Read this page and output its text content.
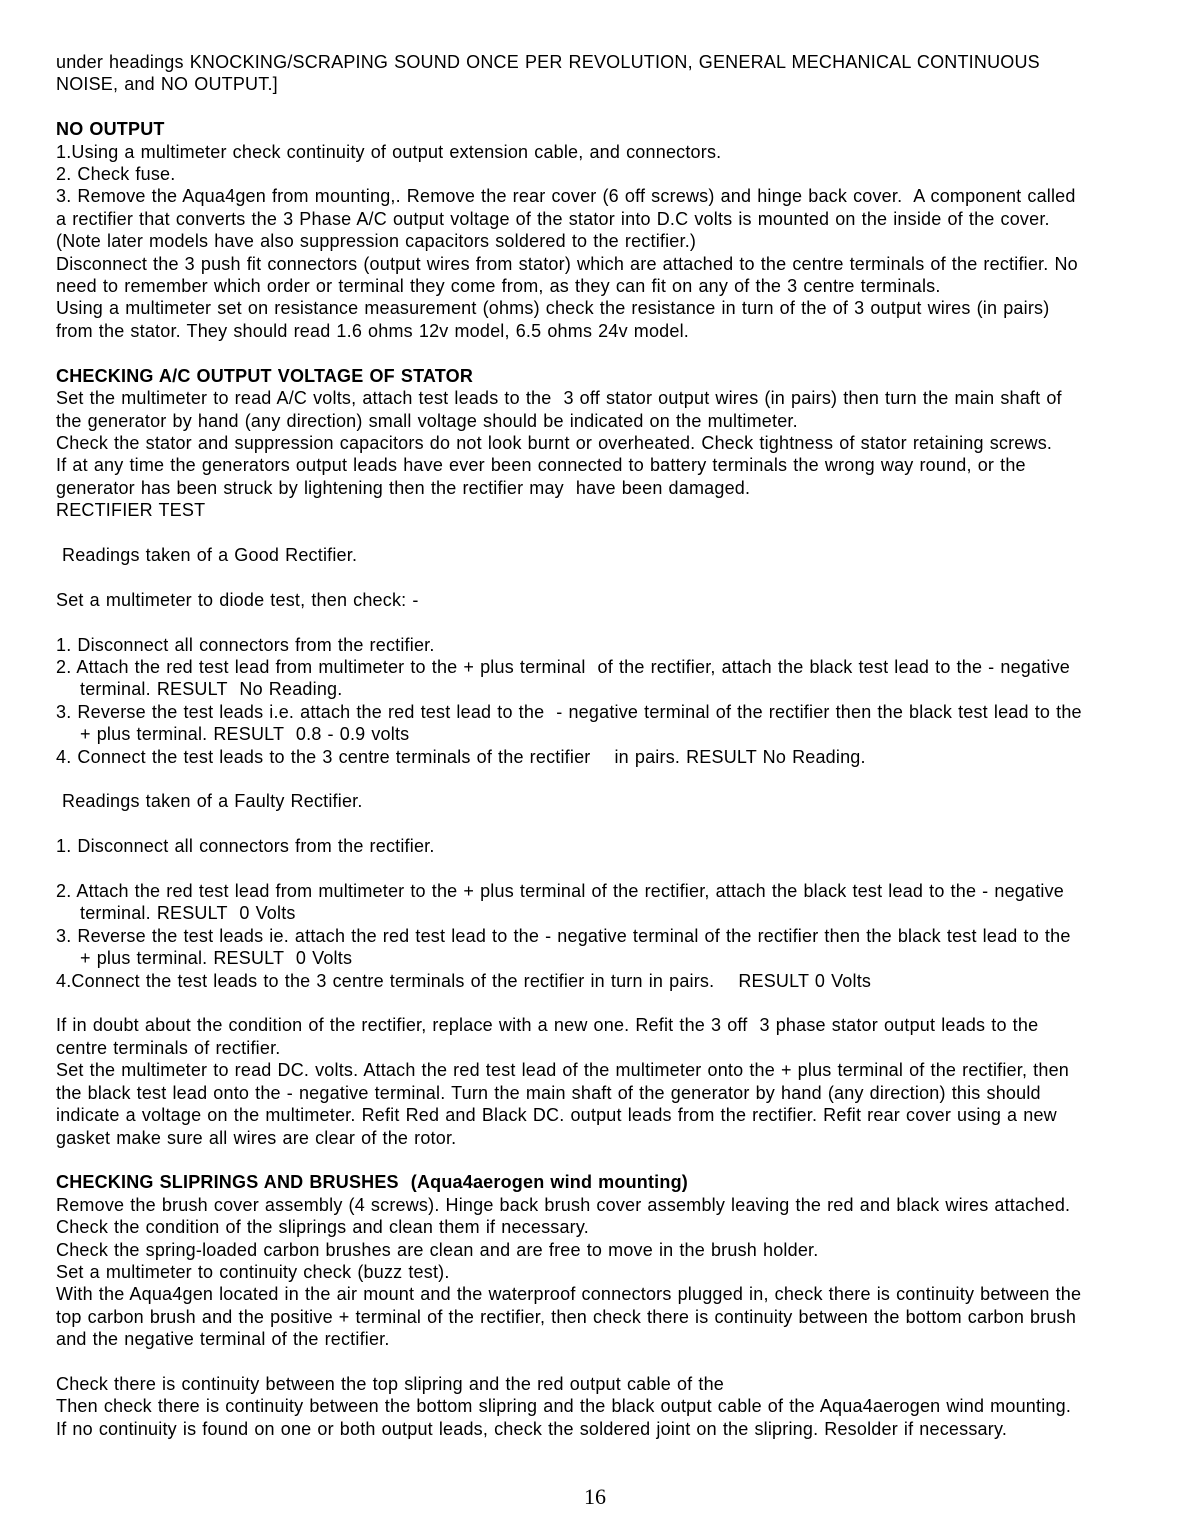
under headings KNOCKING/SCRAPING SOUND ONCE PER REVOLUTION, GENERAL MECHANICAL CONTINUOUS
NOISE, and NO OUTPUT.]

NO OUTPUT
1.Using a multimeter check continuity of output extension cable, and connectors.
2. Check fuse.
3. Remove the Aqua4gen from mounting,. Remove the rear cover (6 off screws) and hinge back cover.  A component called
a rectifier that converts the 3 Phase A/C output voltage of the stator into D.C volts is mounted on the inside of the cover.
(Note later models have also suppression capacitors soldered to the rectifier.)
Disconnect the 3 push fit connectors (output wires from stator) which are attached to the centre terminals of the rectifier. No
need to remember which order or terminal they come from, as they can fit on any of the 3 centre terminals.
Using a multimeter set on resistance measurement (ohms) check the resistance in turn of the of 3 output wires (in pairs)
from the stator. They should read 1.6 ohms 12v model, 6.5 ohms 24v model.

CHECKING A/C OUTPUT VOLTAGE OF STATOR
Set the multimeter to read A/C volts, attach test leads to the  3 off stator output wires (in pairs) then turn the main shaft of
the generator by hand (any direction) small voltage should be indicated on the multimeter.
Check the stator and suppression capacitors do not look burnt or overheated. Check tightness of stator retaining screws.
If at any time the generators output leads have ever been connected to battery terminals the wrong way round, or the
generator has been struck by lightening then the rectifier may  have been damaged.
RECTIFIER TEST

Readings taken of a Good Rectifier.

Set a multimeter to diode test, then check: -

1. Disconnect all connectors from the rectifier.
2. Attach the red test lead from multimeter to the + plus terminal  of the rectifier, attach the black test lead to the - negative
terminal. RESULT  No Reading.
3. Reverse the test leads i.e. attach the red test lead to the  - negative terminal of the rectifier then the black test lead to the
+ plus terminal. RESULT  0.8 - 0.9 volts
4. Connect the test leads to the 3 centre terminals of the rectifier    in pairs. RESULT No Reading.

Readings taken of a Faulty Rectifier.

1. Disconnect all connectors from the rectifier.

2. Attach the red test lead from multimeter to the + plus terminal of the rectifier, attach the black test lead to the - negative
terminal. RESULT  0 Volts
3. Reverse the test leads ie. attach the red test lead to the - negative terminal of the rectifier then the black test lead to the
+ plus terminal. RESULT  0 Volts
4.Connect the test leads to the 3 centre terminals of the rectifier in turn in pairs.    RESULT 0 Volts

If in doubt about the condition of the rectifier, replace with a new one. Refit the 3 off  3 phase stator output leads to the
centre terminals of rectifier.
Set the multimeter to read DC. volts. Attach the red test lead of the multimeter onto the + plus terminal of the rectifier, then
the black test lead onto the - negative terminal. Turn the main shaft of the generator by hand (any direction) this should
indicate a voltage on the multimeter. Refit Red and Black DC. output leads from the rectifier. Refit rear cover using a new
gasket make sure all wires are clear of the rotor.

CHECKING SLIPRINGS AND BRUSHES  (Aqua4aerogen wind mounting)
Remove the brush cover assembly (4 screws). Hinge back brush cover assembly leaving the red and black wires attached.
Check the condition of the sliprings and clean them if necessary.
Check the spring-loaded carbon brushes are clean and are free to move in the brush holder.
Set a multimeter to continuity check (buzz test).
With the Aqua4gen located in the air mount and the waterproof connectors plugged in, check there is continuity between the
top carbon brush and the positive + terminal of the rectifier, then check there is continuity between the bottom carbon brush
and the negative terminal of the rectifier.

Check there is continuity between the top slipring and the red output cable of the
Then check there is continuity between the bottom slipring and the black output cable of the Aqua4aerogen wind mounting.
If no continuity is found on one or both output leads, check the soldered joint on the slipring. Resolder if necessary.
16
